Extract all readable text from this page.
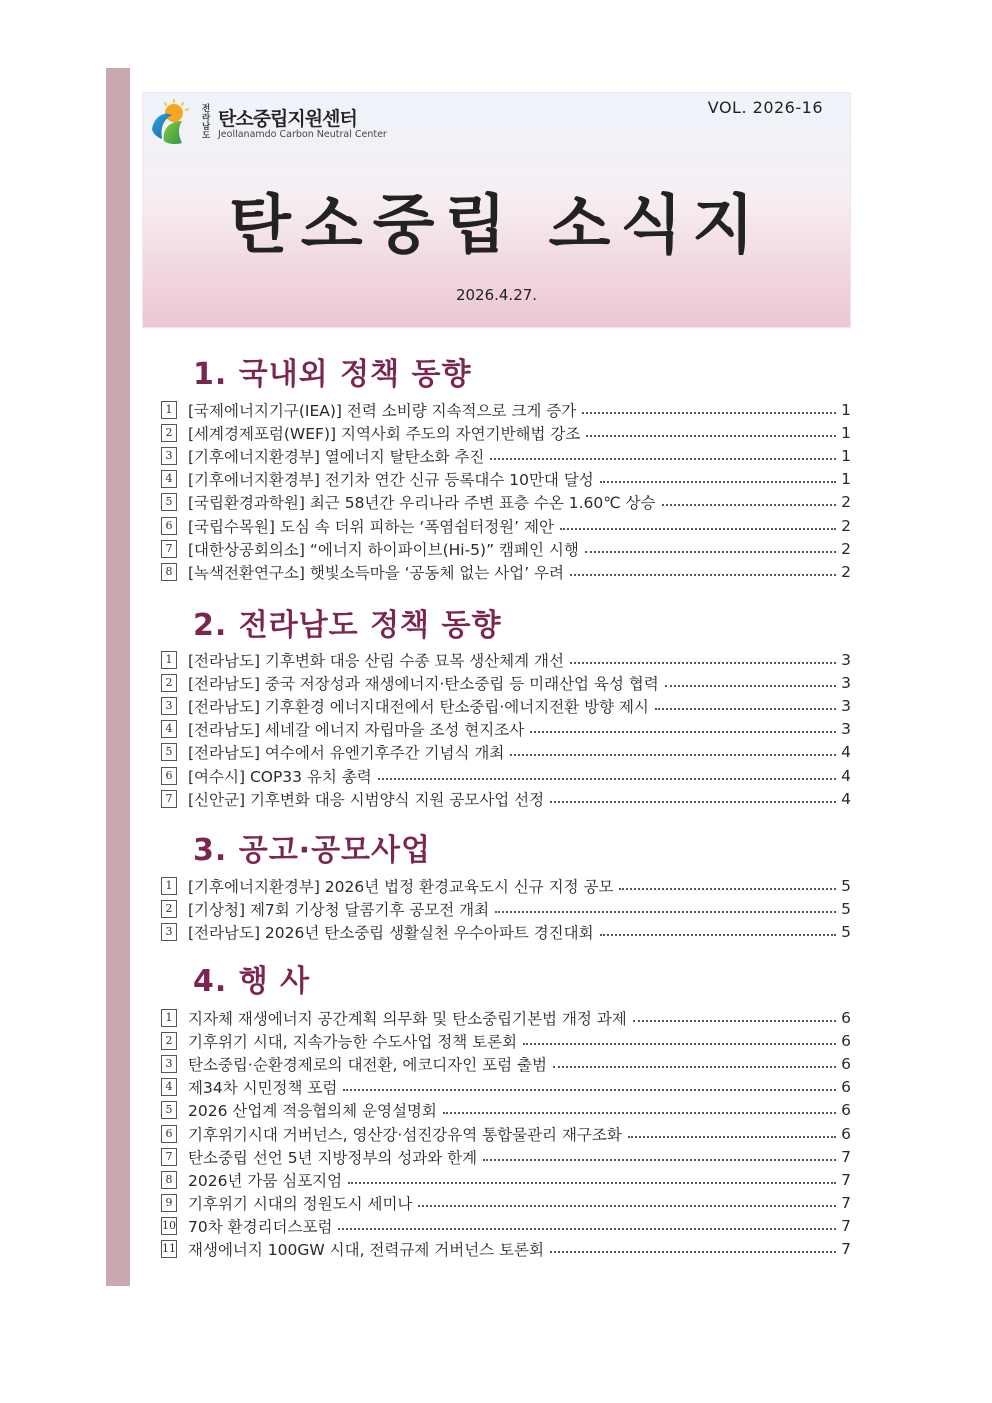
전라남도
탄소중립지원센터
Jeollanamdo Carbon Neutral Center
VOL. 2026-16
탄소중립 소식지
2026.4.27.
1. 국내외 정책 동향
1 [국제에너지기구(IEA)] 전력 소비량 지속적으로 크게 증가	1
2 [세계경제포럼(WEF)] 지역사회 주도의 자연기반해법 강조	1
3 [기후에너지환경부] 열에너지 탈탄소화 추진	1
4 [기후에너지환경부] 전기차 연간 신규 등록대수 10만대 달성	1
5 [국립환경과학원] 최근 58년간 우리나라 주변 표층 수온 1.60℃ 상승	2
6 [국립수목원] 도심 속 더위 피하는 ‘폭염쉼터정원’ 제안	2
7 [대한상공회의소] “에너지 하이파이브(Hi-5)” 캠페인 시행	2
8 [녹색전환연구소] 햇빛소득마을 ‘공동체 없는 사업’ 우려	2
2. 전라남도 정책 동향
1 [전라남도] 기후변화 대응 산림 수종 묘목 생산체계 개선	3
2 [전라남도] 중국 저장성과 재생에너지·탄소중립 등 미래산업 육성 협력	3
3 [전라남도] 기후환경 에너지대전에서 탄소중립·에너지전환 방향 제시	3
4 [전라남도] 세네갈 에너지 자립마을 조성 현지조사	3
5 [전라남도] 여수에서 유엔기후주간 기념식 개최	4
6 [여수시] COP33 유치 총력	4
7 [신안군] 기후변화 대응 시범양식 지원 공모사업 선정	4
3. 공고·공모사업
1 [기후에너지환경부] 2026년 법정 환경교육도시 신규 지정 공모	5
2 [기상청] 제7회 기상청 달콤기후 공모전 개최	5
3 [전라남도] 2026년 탄소중립 생활실천 우수아파트 경진대회	5
4. 행 사
1 지자체 재생에너지 공간계획 의무화 및 탄소중립기본법 개정 과제	6
2 기후위기 시대, 지속가능한 수도사업 정책 토론회	6
3 탄소중립·순환경제로의 대전환, 에코디자인 포럼 출범	6
4 제34차 시민정책 포럼	6
5 2026 산업계 적응협의체 운영설명회	6
6 기후위기시대 거버넌스, 영산강·섬진강유역 통합물관리 재구조화	6
7 탄소중립 선언 5년 지방정부의 성과와 한계	7
8 2026년 가뭄 심포지엄	7
9 기후위기 시대의 정원도시 세미나	7
10 70차 환경리더스포럼	7
11 재생에너지 100GW 시대, 전력규제 거버넌스 토론회	7
